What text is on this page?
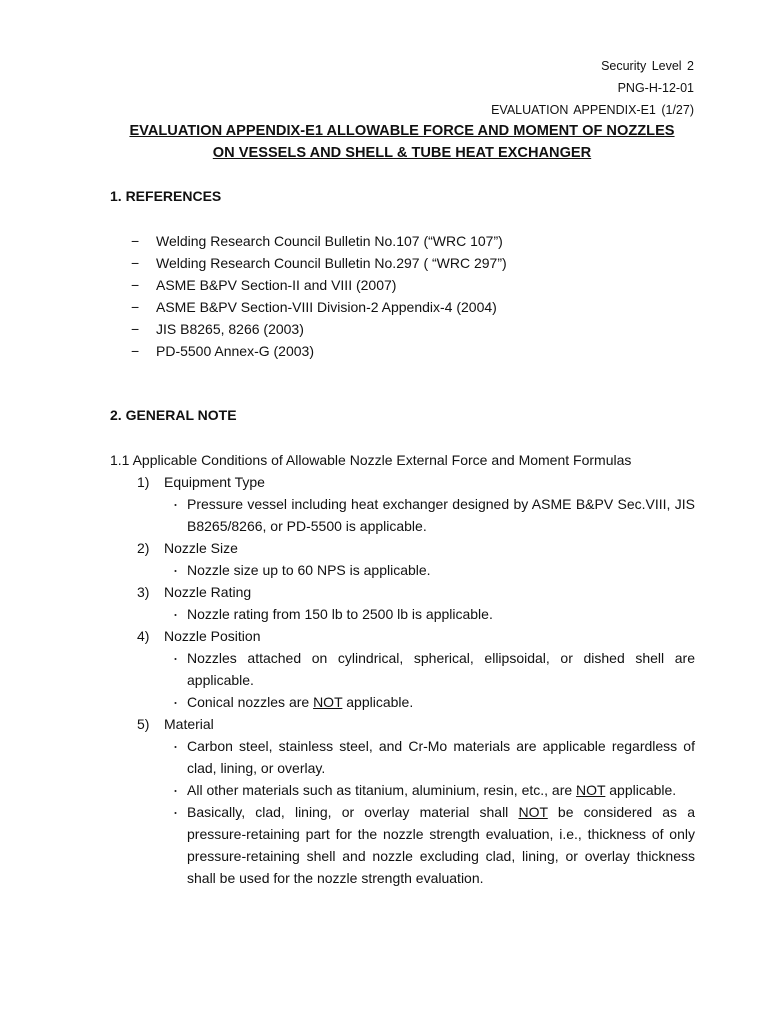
Security Level 2
PNG-H-12-01
EVALUATION APPENDIX-E1 (1/27)
EVALUATION APPENDIX-E1 ALLOWABLE FORCE AND MOMENT OF NOZZLES
ON VESSELS AND SHELL & TUBE HEAT EXCHANGER
1. REFERENCES
− Welding Research Council Bulletin No.107 (“WRC 107”)
− Welding Research Council Bulletin No.297 ( “WRC 297”)
− ASME B&PV Section-II and VIII (2007)
− ASME B&PV Section-VIII Division-2 Appendix-4 (2004)
− JIS B8265, 8266 (2003)
− PD-5500 Annex-G (2003)
2. GENERAL NOTE
1.1 Applicable Conditions of Allowable Nozzle External Force and Moment Formulas
1) Equipment Type
・ Pressure vessel including heat exchanger designed by ASME B&PV Sec.VIII, JIS
B8265/8266, or PD-5500 is applicable.
2) Nozzle Size
・ Nozzle size up to 60 NPS is applicable.
3) Nozzle Rating
・ Nozzle rating from 150 lb to 2500 lb is applicable.
4) Nozzle Position
・ Nozzles attached on cylindrical, spherical, ellipsoidal, or dished shell are
applicable.
・ Conical nozzles are NOT applicable.
5) Material
・ Carbon steel, stainless steel, and Cr-Mo materials are applicable regardless of
clad, lining, or overlay.
・ All other materials such as titanium, aluminium, resin, etc., are NOT applicable.
・ Basically, clad, lining, or overlay material shall NOT be considered as a
pressure-retaining part for the nozzle strength evaluation, i.e., thickness of only
pressure-retaining shell and nozzle excluding clad, lining, or overlay thickness
shall be used for the nozzle strength evaluation.
